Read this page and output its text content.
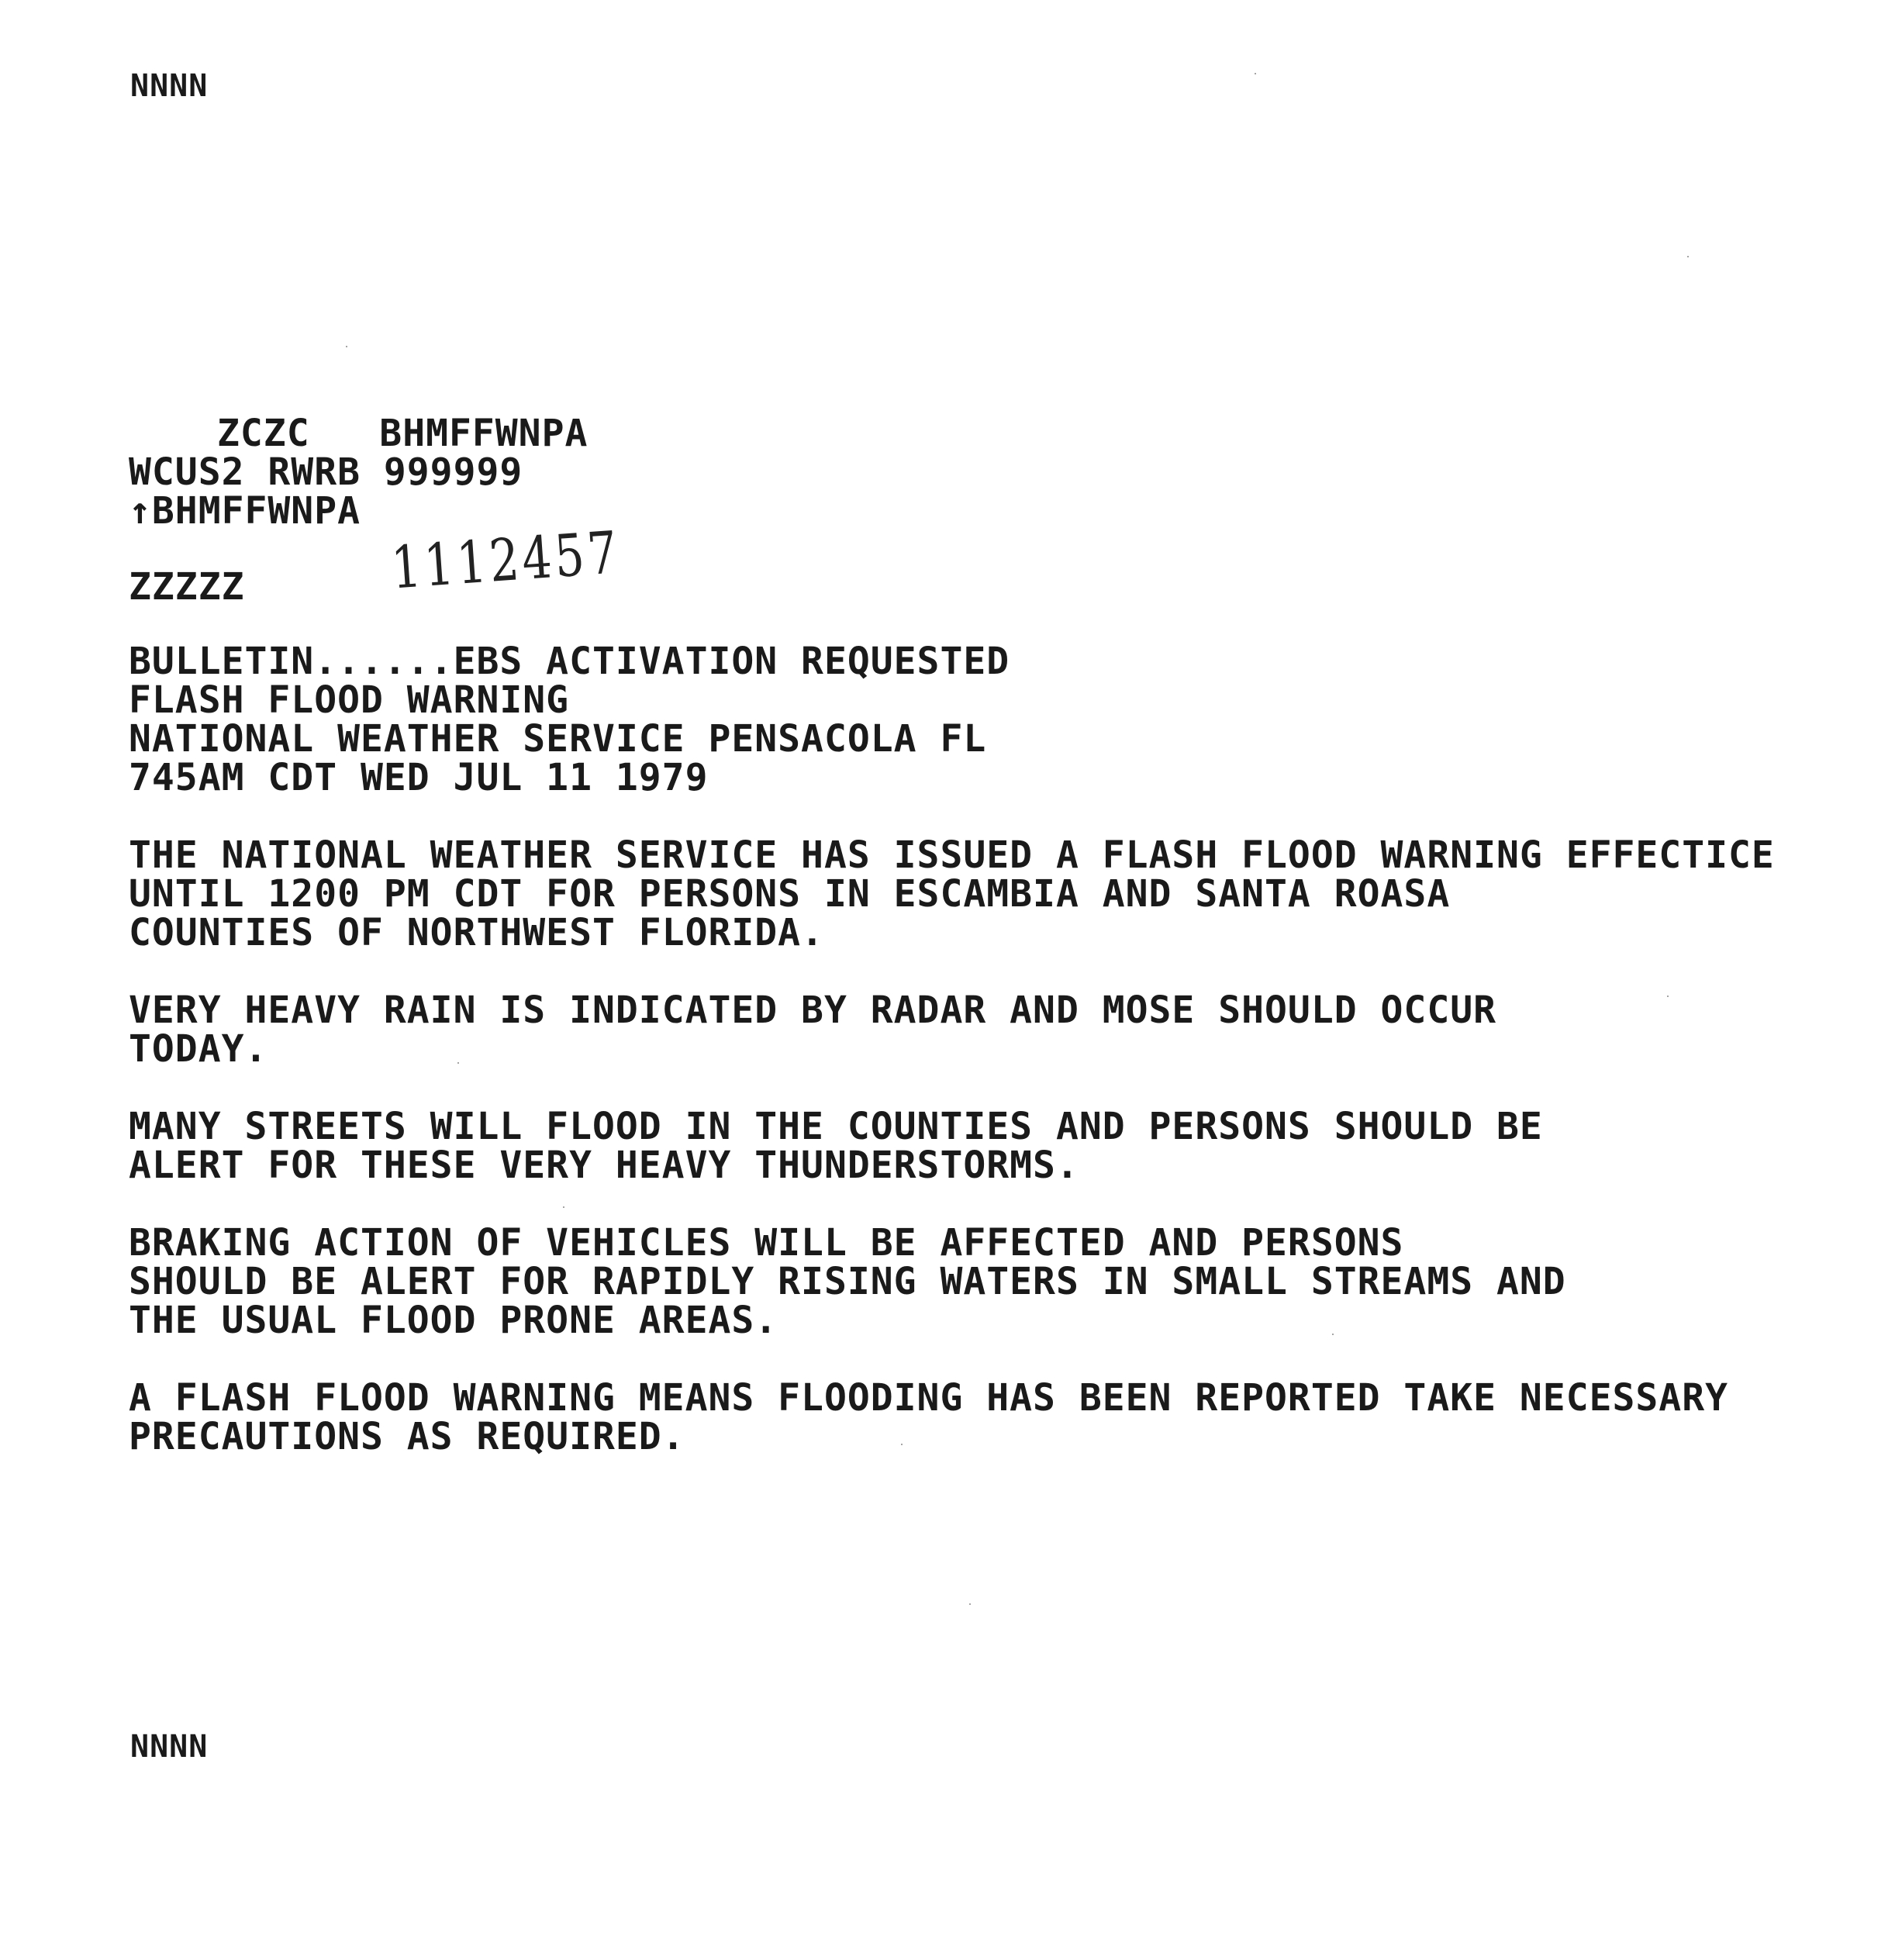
NNNN
ZCZC   BHMFFWNPA
WCUS2 RWRB 999999
↑BHMFFWNPA
ZZZZZ	1112457
BULLETIN......EBS ACTIVATION REQUESTED
FLASH FLOOD WARNING
NATIONAL WEATHER SERVICE PENSACOLA FL
745AM CDT WED JUL 11 1979
THE NATIONAL WEATHER SERVICE HAS ISSUED A FLASH FLOOD WARNING EFFECTICE
UNTIL 1200 PM CDT FOR PERSONS IN ESCAMBIA AND SANTA ROASA
COUNTIES OF NORTHWEST FLORIDA.
VERY HEAVY RAIN IS INDICATED BY RADAR AND MOSE SHOULD OCCUR
TODAY.
MANY STREETS WILL FLOOD IN THE COUNTIES AND PERSONS SHOULD BE
ALERT FOR THESE VERY HEAVY THUNDERSTORMS.
BRAKING ACTION OF VEHICLES WILL BE AFFECTED AND PERSONS
SHOULD BE ALERT FOR RAPIDLY RISING WATERS IN SMALL STREAMS AND
THE USUAL FLOOD PRONE AREAS.
A FLASH FLOOD WARNING MEANS FLOODING HAS BEEN REPORTED TAKE NECESSARY
PRECAUTIONS AS REQUIRED.
NNNN
